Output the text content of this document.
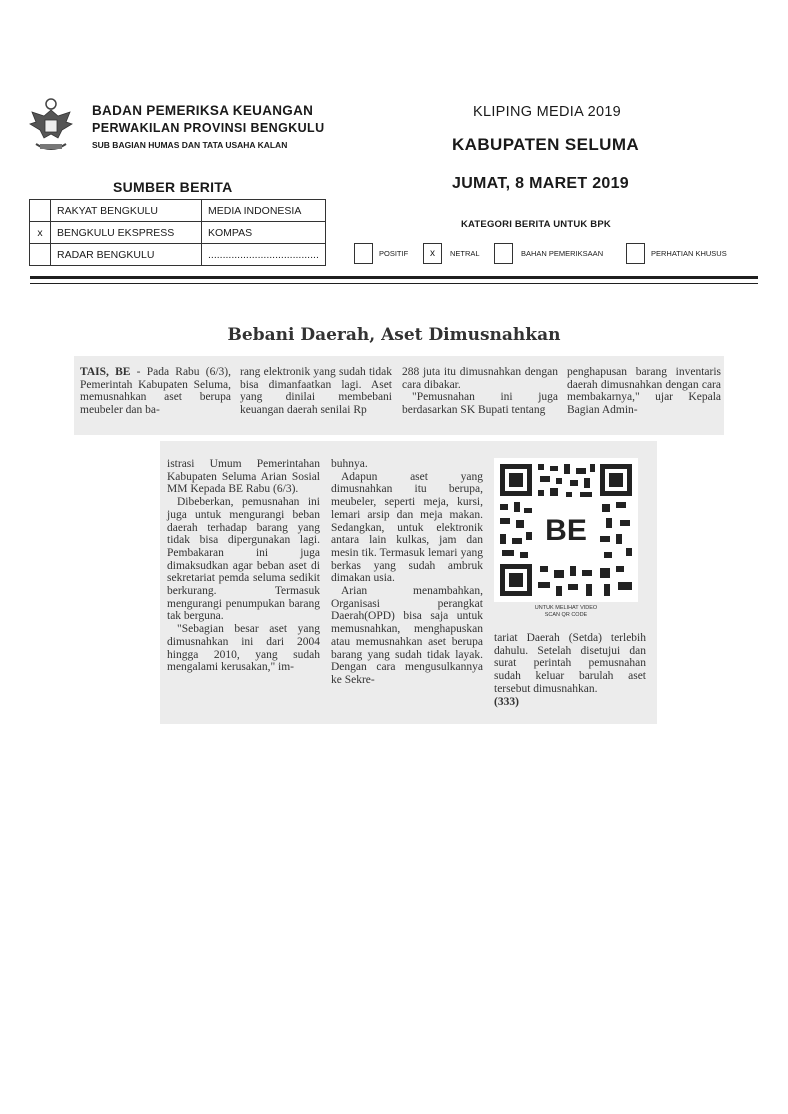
BADAN PEMERIKSA KEUANGAN
PERWAKILAN PROVINSI BENGKULU
SUB BAGIAN HUMAS DAN TATA USAHA KALAN
KLIPING MEDIA 2019
KABUPATEN SELUMA
JUMAT, 8 MARET 2019
SUMBER BERITA
	RAKYAT BENGKULU	MEDIA INDONESIA
x	BENGKULU EKSPRESS	KOMPAS
	RADAR BENGKULU	......................................
KATEGORI BERITA UNTUK BPK
POSITIF	x	NETRAL	BAHAN PEMERIKSAAN	PERHATIAN KHUSUS
Bebani Daerah, Aset Dimusnahkan

TAIS, BE - Pada Rabu (6/3), Pemerintah Kabupaten Seluma, memusnahkan aset berupa meubeler dan ba-

rang elektronik yang sudah tidak bisa dimanfaatkan lagi. Aset yang dinilai membebani keuangan daerah senilai Rp

288 juta itu dimusnahkan dengan cara dibakar.

"Pemusnahan ini juga berdasarkan SK Bupati tentang

penghapusan barang inventaris daerah dimusnahkan dengan cara membakarnya," ujar Kepala Bagian Admin-

istrasi Umum Pemerintahan Kabupaten Seluma Arian Sosial MM Kepada BE Rabu (6/3).

Dibeberkan, pemusnahan ini juga untuk mengurangi beban daerah terhadap barang yang tidak bisa dipergunakan lagi. Pembakaran ini juga dimaksudkan agar beban aset di sekretariat pemda seluma sedikit berkurang. Termasuk mengurangi penumpukan barang tak berguna.

"Sebagian besar aset yang dimusnahkan ini dari 2004 hingga 2010, yang sudah mengalami kerusakan," im-

buhnya.

Adapun aset yang dimusnahkan itu berupa, meubeler, seperti meja, kursi, lemari arsip dan meja makan. Sedangkan, untuk elektronik antara lain kulkas, jam dan mesin tik. Termasuk lemari yang berkas yang sudah ambruk dimakan usia.

Arian menambahkan, Organisasi perangkat Daerah(OPD) bisa saja untuk memusnahkan, menghapuskan atau memusnahkan aset berupa barang yang sudah tidak layak. Dengan cara mengusulkannya ke Sekre-

tariat Daerah (Setda) terlebih dahulu. Setelah disetujui dan surat perintah pemusnahan sudah keluar barulah aset tersebut dimusnahkan.

(333)

BE
UNTUK MELIHAT VIDEO
SCAN QR CODE
